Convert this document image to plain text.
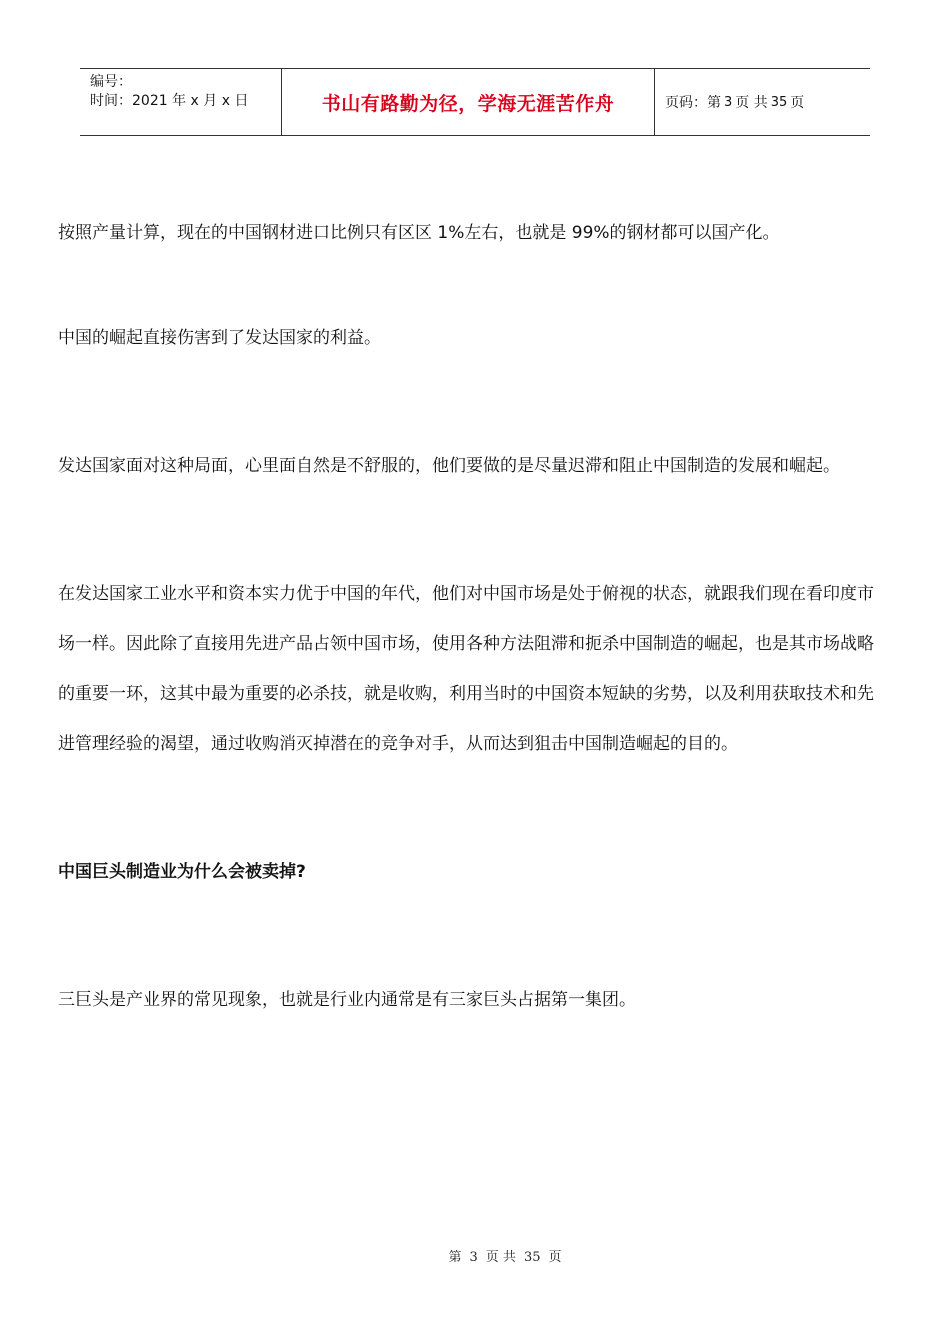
编号：
时间：2021 年 x 月 x 日	书山有路勤为径，学海无涯苦作舟	页码：第 3 页 共 35 页

按照产量计算，现在的中国钢材进口比例只有区区 1%左右，也就是 99%的钢材都可以国产化。

中国的崛起直接伤害到了发达国家的利益。

发达国家面对这种局面，心里面自然是不舒服的，他们要做的是尽量迟滞和阻止中国制造的发展和崛起。

在发达国家工业水平和资本实力优于中国的年代，他们对中国市场是处于俯视的状态，就跟我们现在看印度市场一样。因此除了直接用先进产品占领中国市场，使用各种方法阻滞和扼杀中国制造的崛起，也是其市场战略的重要一环，这其中最为重要的必杀技，就是收购，利用当时的中国资本短缺的劣势，以及利用获取技术和先进管理经验的渴望，通过收购消灭掉潜在的竞争对手，从而达到狙击中国制造崛起的目的。

中国巨头制造业为什么会被卖掉?

三巨头是产业界的常见现象，也就是行业内通常是有三家巨头占据第一集团。

第 3 页 共 35 页
